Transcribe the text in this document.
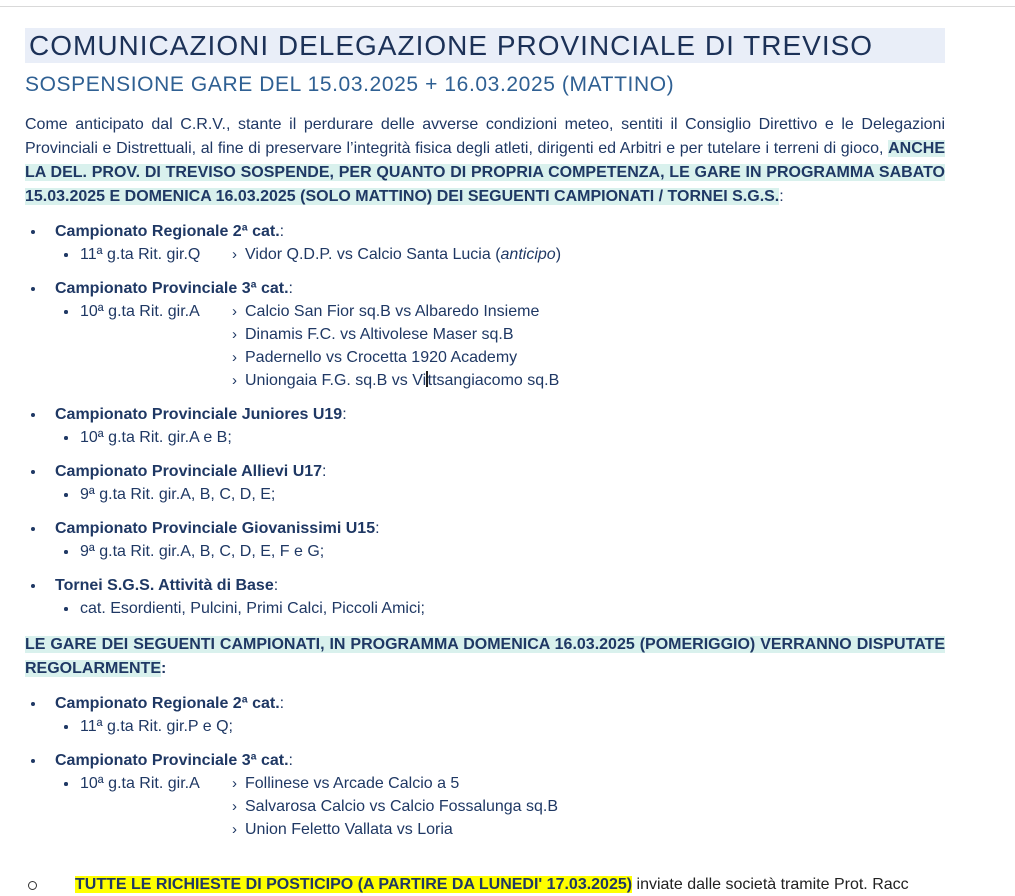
COMUNICAZIONI DELEGAZIONE PROVINCIALE DI TREVISO
SOSPENSIONE GARE DEL 15.03.2025 + 16.03.2025 (MATTINO)
Come anticipato dal C.R.V., stante il perdurare delle avverse condizioni meteo, sentiti il Consiglio Direttivo e le Delegazioni Provinciali e Distrettuali, al fine di preservare l’integrità fisica degli atleti, dirigenti ed Arbitri e per tutelare i terreni di gioco, ANCHE LA DEL. PROV. DI TREVISO SOSPENDE, PER QUANTO DI PROPRIA COMPETENZA, LE GARE IN PROGRAMMA SABATO 15.03.2025 E DOMENICA 16.03.2025 (SOLO MATTINO) DEI SEGUENTI CAMPIONATI / TORNEI S.G.S.:
Campionato Regionale 2ª cat.:
11ª g.ta Rit. gir.Q	› Vidor Q.D.P. vs Calcio Santa Lucia (anticipo)
Campionato Provinciale 3ª cat.:
10ª g.ta Rit. gir.A	› Calcio San Fior sq.B vs Albaredo Insieme
› Dinamis F.C. vs Altivolese Maser sq.B
› Padernello vs Crocetta 1920 Academy
› Uniongaia F.G. sq.B vs Vittsangiacomo sq.B
Campionato Provinciale Juniores U19:
10ª g.ta Rit. gir.A e B;
Campionato Provinciale Allievi U17:
9ª g.ta Rit. gir.A, B, C, D, E;
Campionato Provinciale Giovanissimi U15:
9ª g.ta Rit. gir.A, B, C, D, E, F e G;
Tornei S.G.S. Attività di Base:
cat. Esordienti, Pulcini, Primi Calci, Piccoli Amici;
LE GARE DEI SEGUENTI CAMPIONATI, IN PROGRAMMA DOMENICA 16.03.2025 (POMERIGGIO) VERRANNO DISPUTATE REGOLARMENTE:
Campionato Regionale 2ª cat.:
11ª g.ta Rit. gir.P e Q;
Campionato Provinciale 3ª cat.:
10ª g.ta Rit. gir.A	› Follinese vs Arcade Calcio a 5
› Salvarosa Calcio vs Calcio Fossalunga sq.B
› Union Feletto Vallata vs Loria
TUTTE LE RICHIESTE DI POSTICIPO (A PARTIRE DA LUNEDI' 17.03.2025) inviate dalle società tramite Prot. Racc
